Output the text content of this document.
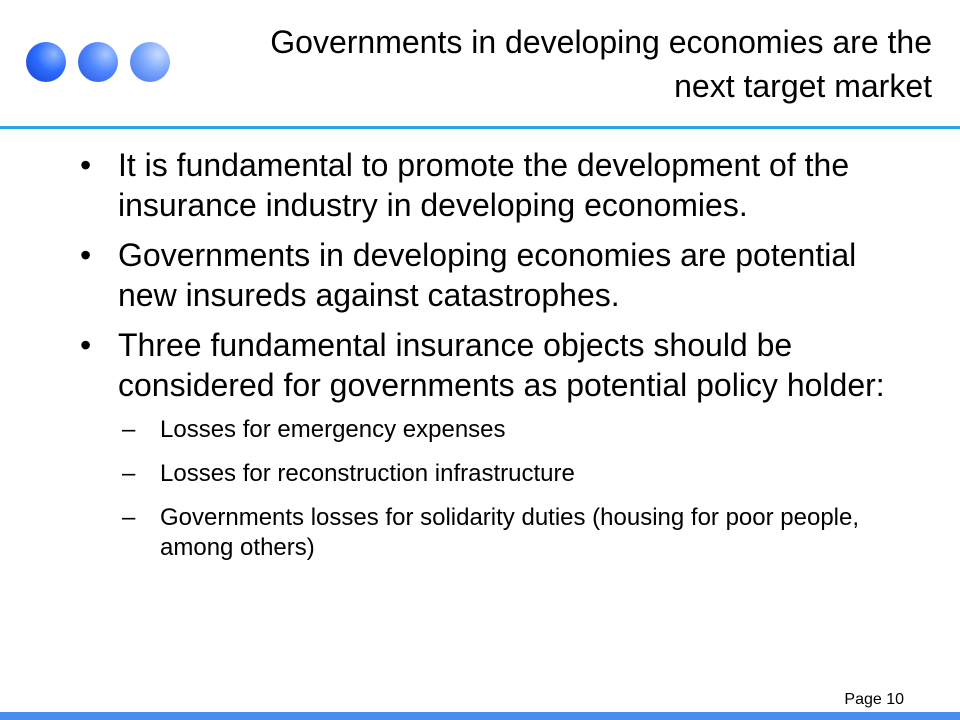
Governments in developing economies are the next target market
• It is fundamental to promote the development of the insurance industry in developing economies.
• Governments in developing economies are potential new insureds against catastrophes.
• Three fundamental insurance objects should be considered for governments as potential policy holder:
– Losses for emergency expenses
– Losses for reconstruction infrastructure
– Governments losses for solidarity duties (housing for poor people, among others)
Page 10
